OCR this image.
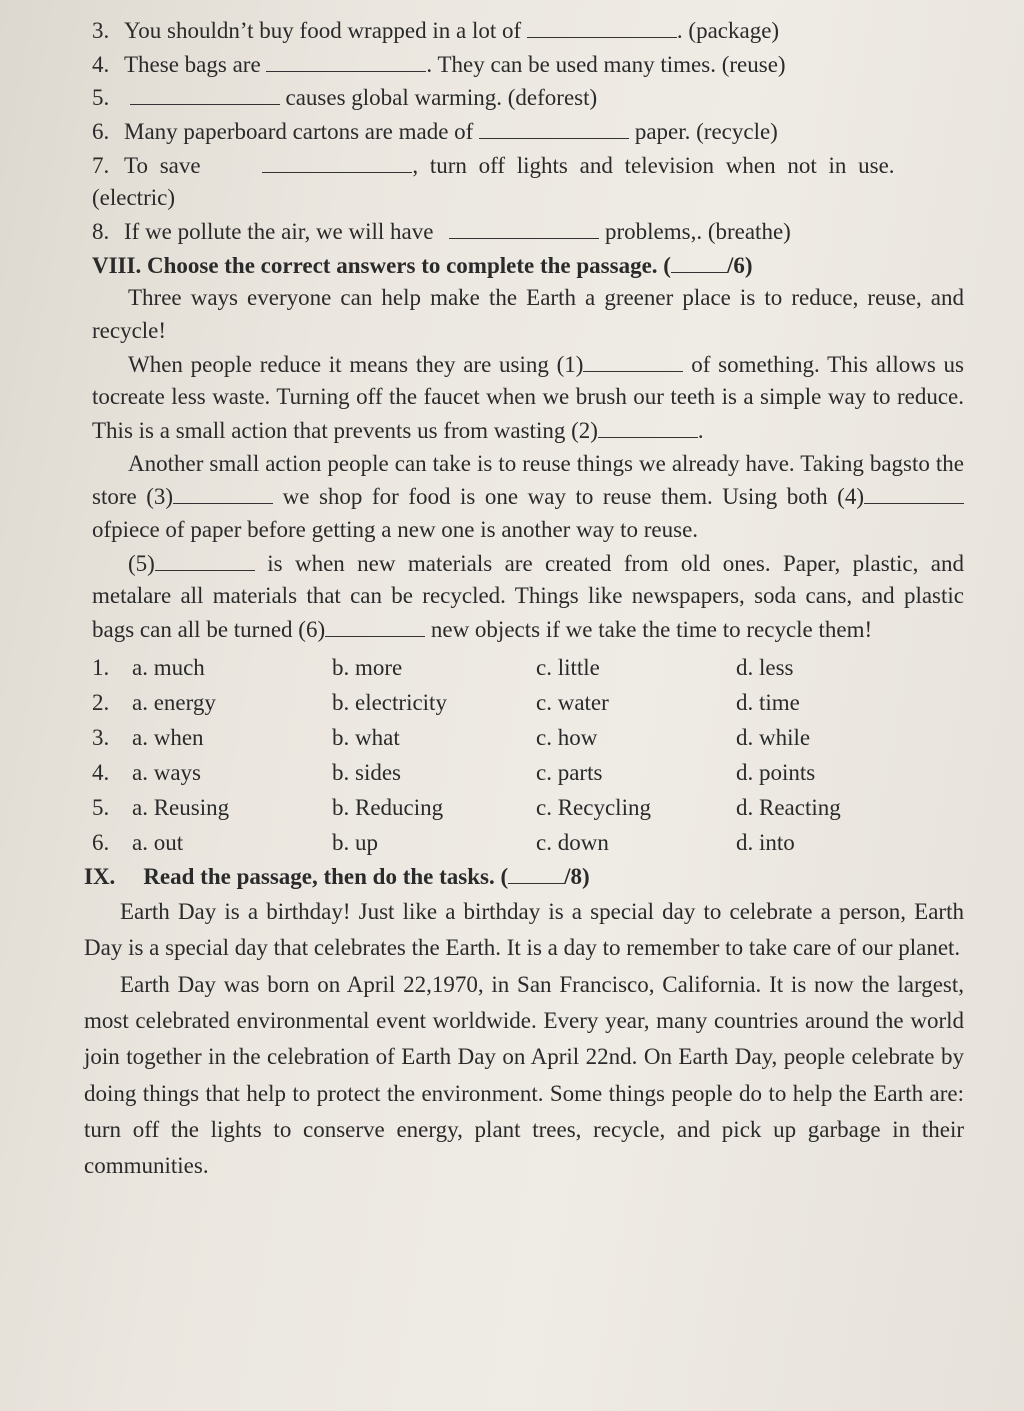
3. You shouldn’t buy food wrapped in a lot of	. (package)

4. These bags are	. They can be used many times. (reuse)

5.	causes global warming. (deforest)

6. Many paperboard cartons are made of	paper. (recycle)

7. To save	, turn off lights and television when not in use.

(electric)

8. If we pollute the air, we will have	problems,. (breathe)

VIII. Choose the correct answers to complete the passage. ( /6)

Three ways everyone can help make the Earth a greener place is to reduce, reuse, and recycle!

When people reduce it means they are using (1)	of something. This allows us tocreate less waste. Turning off the faucet when we brush our teeth is a simple way to reduce. This is a small action that prevents us from wasting (2)	.

Another small action people can take is to reuse things we already have. Taking bagsto the store (3)	we shop for food is one way to reuse them. Using both (4) ofpiece of paper before getting a new one is another way to reuse.

(5)	is when new materials are created from old ones. Paper, plastic, and metalare all materials that can be recycled. Things like newspapers, soda cans, and plastic bags can all be turned (6)	new objects if we take the time to recycle them!

1. a. much	b. more	c. little	d. less
2. a. energy	b. electricity	c. water	d. time
3. a. when	b. what	c. how	d. while
4. a. ways	b. sides	c. parts	d. points
5. a. Reusing	b. Reducing	c. Recycling	d. Reacting
6. a. out	b. up	c. down	d. into

IX. Read the passage, then do the tasks. ( /8)

Earth Day is a birthday! Just like a birthday is a special day to celebrate a person, Earth Day is a special day that celebrates the Earth. It is a day to remember to take care of our planet.

Earth Day was born on April 22,1970, in San Francisco, California. It is now the largest, most celebrated environmental event worldwide. Every year, many countries around the world join together in the celebration of Earth Day on April 22nd. On Earth Day, people celebrate by doing things that help to protect the environment. Some things people do to help the Earth are: turn off the lights to conserve energy, plant trees, recycle, and pick up garbage in their communities.
